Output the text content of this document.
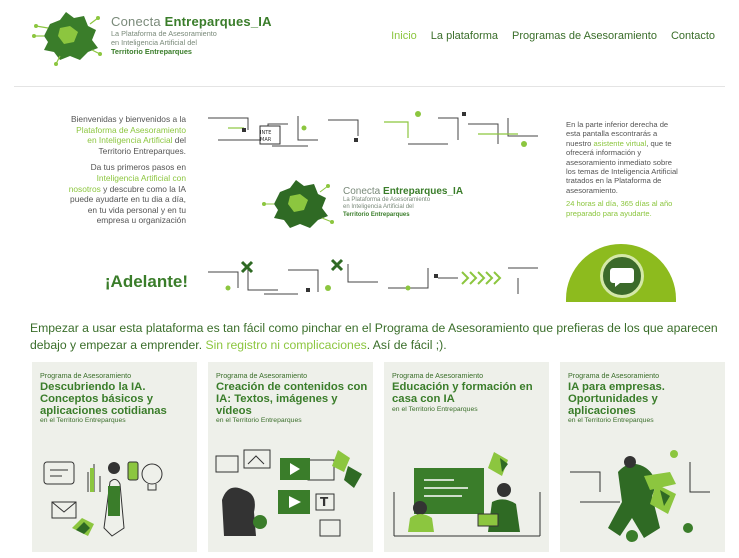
Conecta Entreparques_IA
La Plataforma de Asesoramiento
en Inteligencia Artificial del
Territorio Entreparques
Inicio La plataforma Programas de Asesoramiento Contacto

Bienvenidas y bienvenidos a la Plataforma de Asesoramiento en Inteligencia Artificial del Territorio Entreparques.

Da tus primeros pasos en Inteligencia Artificial con nosotros y descubre como la IA puede ayudarte en tu dia a día, en tu vida personal y en tu empresa u organización

¡Adelante!
INTE
MAR
Conecta Entreparques_IA
La Plataforma de Asesoramiento
en Inteligencia Artificial del
Territorio Entreparques

En la parte inferior derecha de esta pantalla escontrarás a nuestro asistente virtual, que te ofrecerá información y asesoramiento inmediato sobre los temas de Inteligencia Artificial tratados en la Plataforma de asesoramiento.

24 horas al día, 365 días al año preparado para ayudarte.

Empezar a usar esta plataforma es tan fácil como pinchar en el Programa de Asesoramiento que prefieras de los que aparecen debajo y empezar a emprender. Sin registro ni complicaciones. Así de fácil ;).
Programa de Asesoramiento
Descubriendo la IA. Conceptos básicos y aplicaciones cotidianas
en el Territorio Entreparques
Programa de Asesoramiento
Creación de contenidos con IA: Textos, imágenes y vídeos
en el Territorio Entreparques
T
Programa de Asesoramiento
Educación y formación en casa con IA
en el Territorio Entreparques
Programa de Asesoramiento
IA para empresas. Oportunidades y aplicaciones
en el Territorio Entreparques
